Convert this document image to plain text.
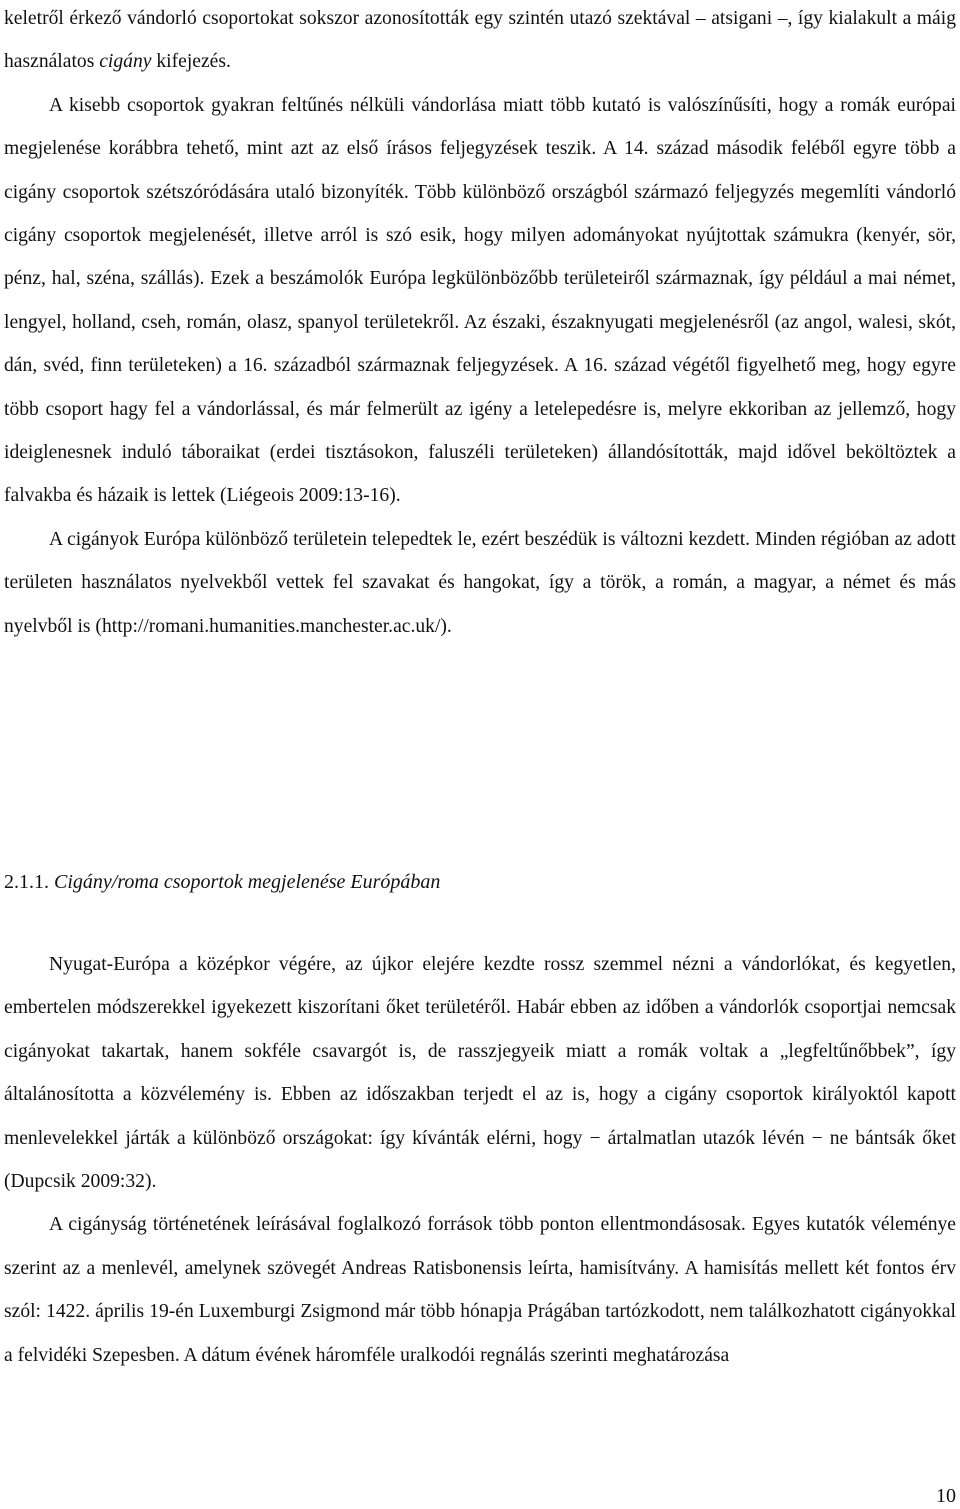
keletről érkező vándorló csoportokat sokszor azonosították egy szintén utazó szektával – atsigani –, így kialakult a máig használatos cigány kifejezés.

A kisebb csoportok gyakran feltűnés nélküli vándorlása miatt több kutató is valószínűsíti, hogy a romák európai megjelenése korábbra tehető, mint azt az első írásos feljegyzések teszik. A 14. század második feléből egyre több a cigány csoportok szétszóródására utaló bizonyíték. Több különböző országból származó feljegyzés megemlíti vándorló cigány csoportok megjelenését, illetve arról is szó esik, hogy milyen adományokat nyújtottak számukra (kenyér, sör, pénz, hal, széna, szállás). Ezek a beszámolók Európa legkülönbözőbb területeiről származnak, így például a mai német, lengyel, holland, cseh, román, olasz, spanyol területekről. Az északi, északnyugati megjelenésről (az angol, walesi, skót, dán, svéd, finn területeken) a 16. századból származnak feljegyzések. A 16. század végétől figyelhető meg, hogy egyre több csoport hagy fel a vándorlással, és már felmerült az igény a letelepedésre is, melyre ekkoriban az jellemző, hogy ideiglenesnek induló táboraikat (erdei tisztásokon, faluszéli területeken) állandósították, majd idővel beköltöztek a falvakba és házaik is lettek (Liégeois 2009:13-16).

A cigányok Európa különböző területein telepedtek le, ezért beszédük is változni kezdett. Minden régióban az adott területen használatos nyelvekből vettek fel szavakat és hangokat, így a török, a román, a magyar, a német és más nyelvből is (http://romani.humanities.manchester.ac.uk/).

2.1.1. Cigány/roma csoportok megjelenése Európában

Nyugat-Európa a középkor végére, az újkor elejére kezdte rossz szemmel nézni a vándorlókat, és kegyetlen, embertelen módszerekkel igyekezett kiszorítani őket területéről. Habár ebben az időben a vándorlók csoportjai nemcsak cigányokat takartak, hanem sokféle csavargót is, de rasszjegyeik miatt a romák voltak a „legfeltűnőbbek”, így általánosította a közvélemény is. Ebben az időszakban terjedt el az is, hogy a cigány csoportok királyoktól kapott menlevelekkel járták a különböző országokat: így kívánták elérni, hogy − ártalmatlan utazók lévén − ne bántsák őket (Dupcsik 2009:32).

A cigányság történetének leírásával foglalkozó források több ponton ellentmondásosak. Egyes kutatók véleménye szerint az a menlevél, amelynek szövegét Andreas Ratisbonensis leírta, hamisítvány. A hamisítás mellett két fontos érv szól: 1422. április 19-én Luxemburgi Zsigmond már több hónapja Prágában tartózkodott, nem találkozhatott cigányokkal a felvidéki Szepesben. A dátum évének háromféle uralkodói regnálás szerinti meghatározása

10
